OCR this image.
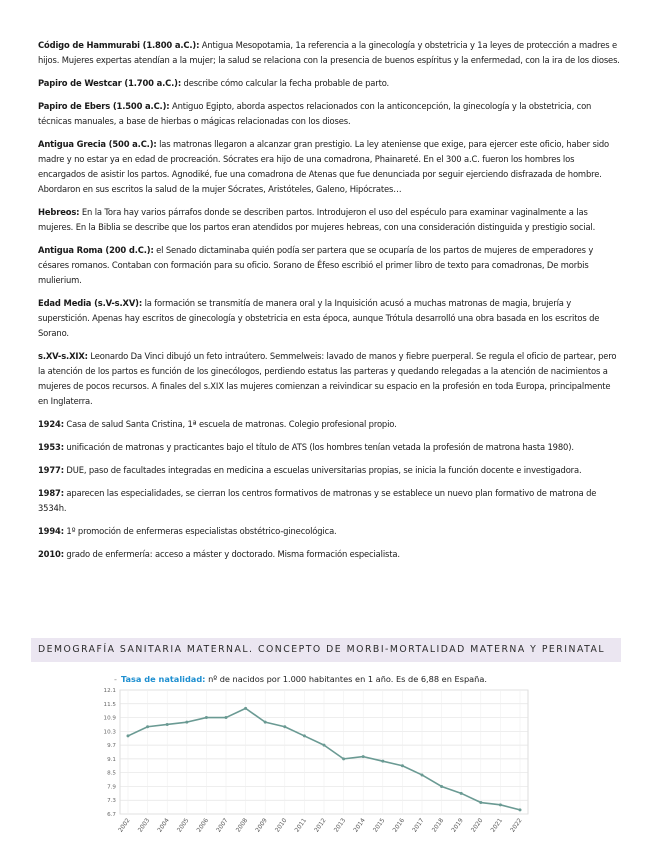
Código de Hammurabi (1.800 a.C.): Antigua Mesopotamia, 1a referencia a la ginecología y obstetricia y 1a leyes de protección a madres e hijos. Mujeres expertas atendían a la mujer; la salud se relaciona con la presencia de buenos espíritus y la enfermedad, con la ira de los dioses.

Papiro de Westcar (1.700 a.C.): describe cómo calcular la fecha probable de parto.

Papiro de Ebers (1.500 a.C.): Antiguo Egipto, aborda aspectos relacionados con la anticoncepción, la ginecología y la obstetricia, con técnicas manuales, a base de hierbas o mágicas relacionadas con los dioses.

Antigua Grecia (500 a.C.): las matronas llegaron a alcanzar gran prestigio. La ley ateniense que exige, para ejercer este oficio, haber sido madre y no estar ya en edad de procreación. Sócrates era hijo de una comadrona, Phainareté. En el 300 a.C. fueron los hombres los encargados de asistir los partos. Agnodiké, fue una comadrona de Atenas que fue denunciada por seguir ejerciendo disfrazada de hombre. Abordaron en sus escritos la salud de la mujer Sócrates, Aristóteles, Galeno, Hipócrates…

Hebreos: En la Tora hay varios párrafos donde se describen partos. Introdujeron el uso del espéculo para examinar vaginalmente a las mujeres. En la Biblia se describe que los partos eran atendidos por mujeres hebreas, con una consideración distinguida y prestigio social.

Antigua Roma (200 d.C.): el Senado dictaminaba quién podía ser partera que se ocuparía de los partos de mujeres de emperadores y césares romanos. Contaban con formación para su oficio. Sorano de Éfeso escribió el primer libro de texto para comadronas, De morbis mulierium.

Edad Media (s.V-s.XV): la formación se transmitía de manera oral y la Inquisición acusó a muchas matronas de magia, brujería y superstición. Apenas hay escritos de ginecología y obstetricia en esta época, aunque Trótula desarrolló una obra basada en los escritos de Sorano.

s.XV-s.XIX: Leonardo Da Vinci dibujó un feto intraútero. Semmelweis: lavado de manos y fiebre puerperal. Se regula el oficio de partear, pero la atención de los partos es función de los ginecólogos, perdiendo estatus las parteras y quedando relegadas a la atención de nacimientos a mujeres de pocos recursos. A finales del s.XIX las mujeres comienzan a reivindicar su espacio en la profesión en toda Europa, principalmente en Inglaterra.

1924: Casa de salud Santa Cristina, 1ª escuela de matronas. Colegio profesional propio.

1953: unificación de matronas y practicantes bajo el título de ATS (los hombres tenían vetada la profesión de matrona hasta 1980).

1977: DUE, paso de facultades integradas en medicina a escuelas universitarias propias, se inicia la función docente e investigadora.

1987: aparecen las especialidades, se cierran los centros formativos de matronas y se establece un nuevo plan formativo de matrona de 3534h.

1994: 1º promoción de enfermeras especialistas obstétrico-ginecológica.

2010: grado de enfermería: acceso a máster y doctorado. Misma formación especialista.

DEMOGRAFÍA SANITARIA MATERNAL. CONCEPTO DE MORBI-MORTALIDAD MATERNA Y PERINATAL
- Tasa de natalidad: nº de nacidos por 1.000 habitantes en 1 año. Es de 6,88 en España.
12.1
11.5
10.9
10.3
9.7
9.1
8.5
7.9
7.3
6.7
2002 2003 2004 2005 2006 2007 2008 2009 2010 2011 2012 2013 2014 2015 2016 2017 2018 2019 2020 2021 2022
